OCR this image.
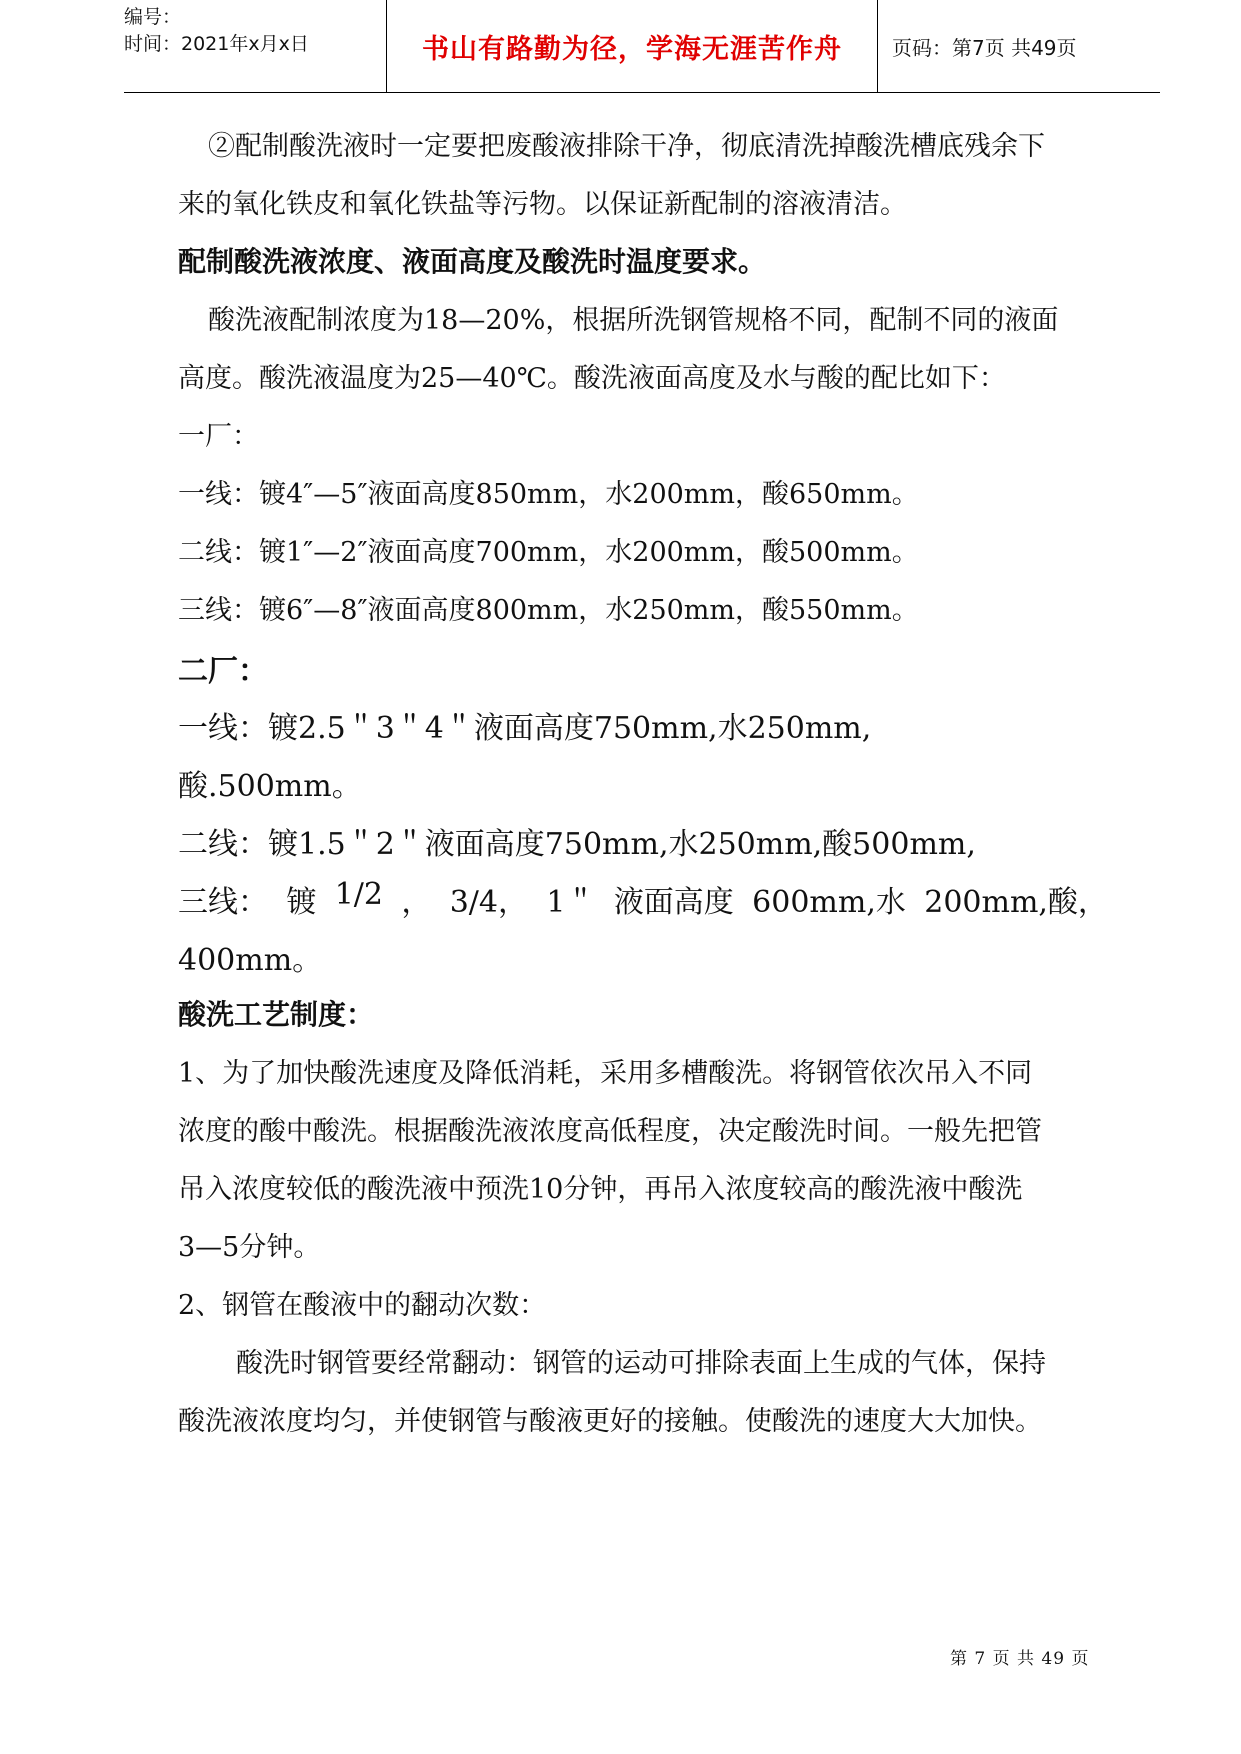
编号：
时间：2021年x月x日	书山有路勤为径，学海无涯苦作舟	页码：第7页 共49页
②配制酸洗液时一定要把废酸液排除干净，彻底清洗掉酸洗槽底残余下
来的氧化铁皮和氧化铁盐等污物。以保证新配制的溶液清洁。
配制酸洗液浓度、液面高度及酸洗时温度要求。
酸洗液配制浓度为18—20%，根据所洗钢管规格不同，配制不同的液面
高度。酸洗液温度为25—40℃。酸洗液面高度及水与酸的配比如下：
一厂：
一线：镀4″—5″液面高度850mm，水200mm，酸650mm。
二线：镀1″—2″液面高度700mm，水200mm，酸500mm。
三线：镀6″—8″液面高度800mm，水250mm，酸550mm。
二厂：
一线：镀2.5＂3＂4＂液面高度750mm,水250mm,
酸.500mm。
二线：镀1.5＂2＂液面高度750mm,水250mm,酸500mm,
三线： 镀 1/2 ， 3/4， 1＂ 液面高度 600mm,水 200mm,酸，
400mm。
酸洗工艺制度：
1、为了加快酸洗速度及降低消耗，采用多槽酸洗。将钢管依次吊入不同
浓度的酸中酸洗。根据酸洗液浓度高低程度，决定酸洗时间。一般先把管
吊入浓度较低的酸洗液中预洗10分钟，再吊入浓度较高的酸洗液中酸洗
3—5分钟。
2、钢管在酸液中的翻动次数：
酸洗时钢管要经常翻动：钢管的运动可排除表面上生成的气体，保持
酸洗液浓度均匀，并使钢管与酸液更好的接触。使酸洗的速度大大加快。
第 7 页 共 49 页
